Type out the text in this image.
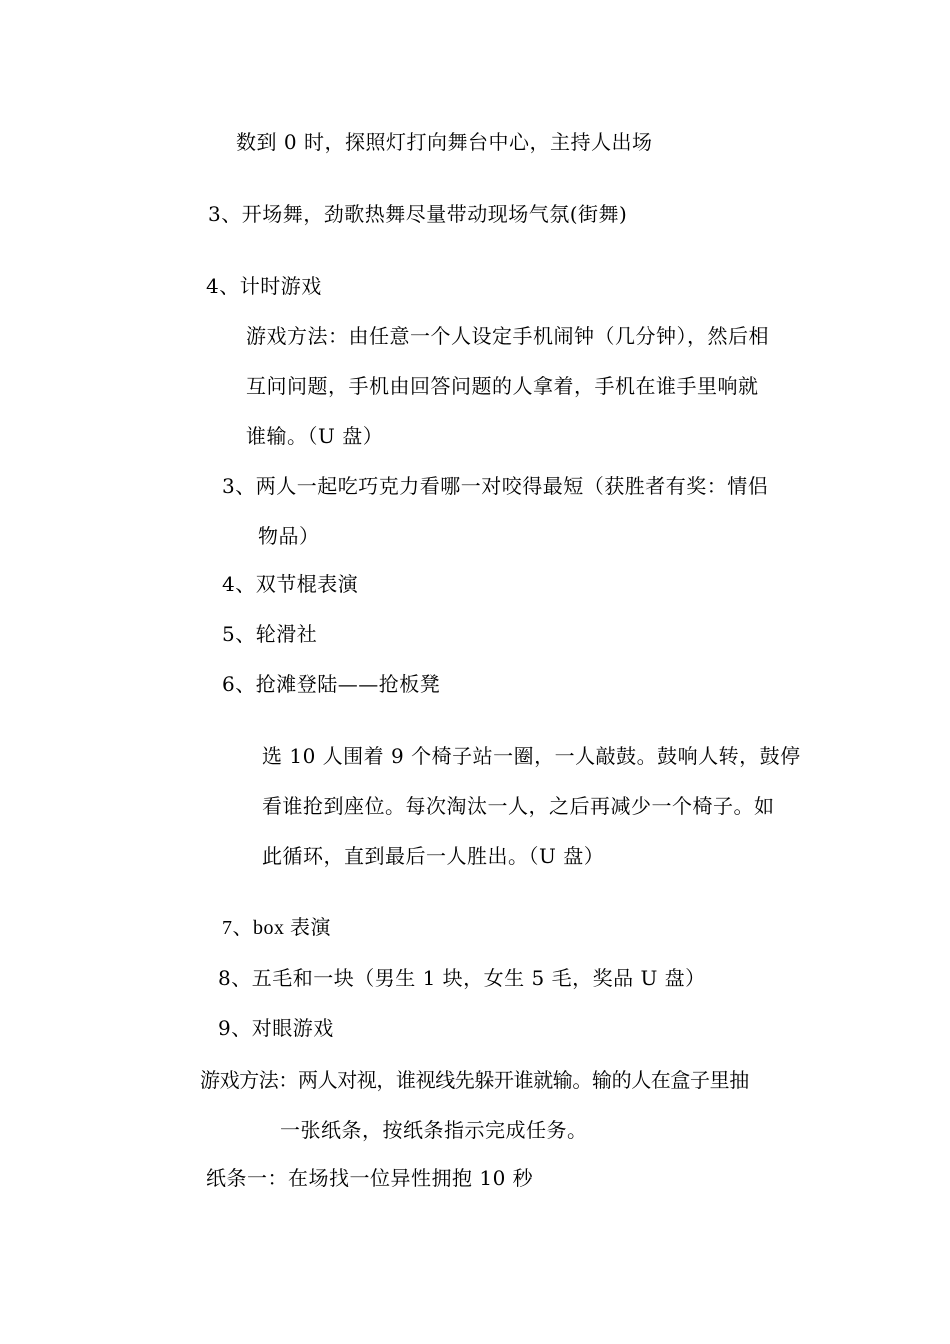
数到 0 时，探照灯打向舞台中心，主持人出场
3、开场舞，劲歌热舞尽量带动现场气氛(街舞)
4、计时游戏
游戏方法：由任意一个人设定手机闹钟（几分钟），然后相
互问问题，手机由回答问题的人拿着，手机在谁手里响就
谁输。（U 盘）
3、两人一起吃巧克力看哪一对咬得最短（获胜者有奖：情侣
物品）
4、双节棍表演
5、轮滑社
6、抢滩登陆——抢板凳
选 10 人围着 9 个椅子站一圈，一人敲鼓。鼓响人转，鼓停
看谁抢到座位。每次淘汰一人，之后再减少一个椅子。如
此循环，直到最后一人胜出。（U 盘）
7、box 表演
8、五毛和一块（男生 1 块，女生 5 毛，奖品 U 盘）
9、对眼游戏
游戏方法：两人对视，谁视线先躲开谁就输。输的人在盒子里抽
一张纸条，按纸条指示完成任务。
纸条一：在场找一位异性拥抱 10 秒
